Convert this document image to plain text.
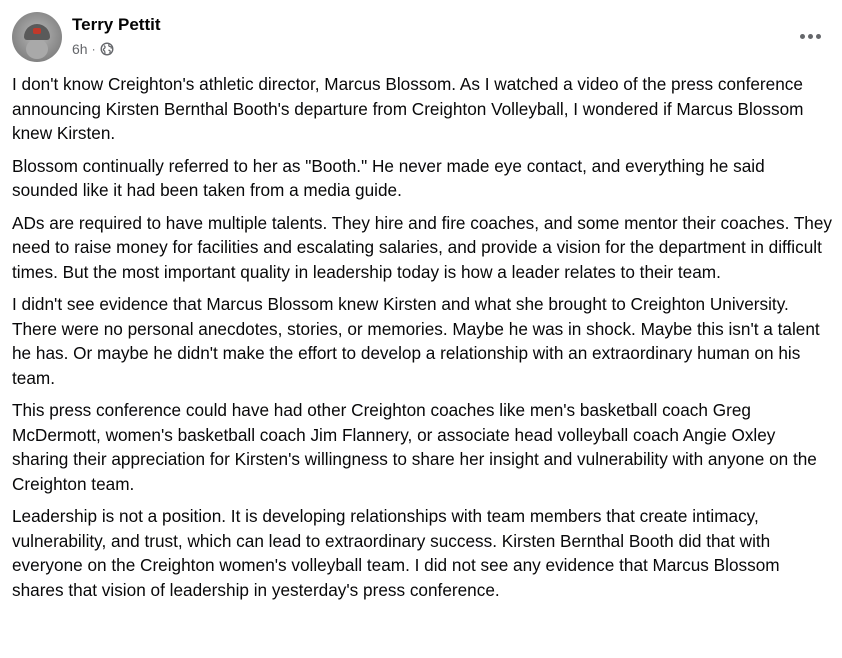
Terry Pettit
6h ·

I don't know Creighton's athletic director, Marcus Blossom. As I watched a video of the press conference announcing Kirsten Bernthal Booth's departure from Creighton Volleyball, I wondered if Marcus Blossom knew Kirsten.

Blossom continually referred to her as "Booth." He never made eye contact, and everything he said sounded like it had been taken from a media guide.

ADs are required to have multiple talents. They hire and fire coaches, and some mentor their coaches. They need to raise money for facilities and escalating salaries, and provide a vision for the department in difficult times. But the most important quality in leadership today is how a leader relates to their team.

I didn't see evidence that Marcus Blossom knew Kirsten and what she brought to Creighton University. There were no personal anecdotes, stories, or memories. Maybe he was in shock. Maybe this isn't a talent he has. Or maybe he didn't make the effort to develop a relationship with an extraordinary human on his team.

This press conference could have had other Creighton coaches like men's basketball coach Greg McDermott, women's basketball coach Jim Flannery, or associate head volleyball coach Angie Oxley sharing their appreciation for Kirsten's willingness to share her insight and vulnerability with anyone on the Creighton team.

Leadership is not a position. It is developing relationships with team members that create intimacy, vulnerability, and trust, which can lead to extraordinary success. Kirsten Bernthal Booth did that with everyone on the Creighton women's volleyball team. I did not see any evidence that Marcus Blossom shares that vision of leadership in yesterday's press conference.
